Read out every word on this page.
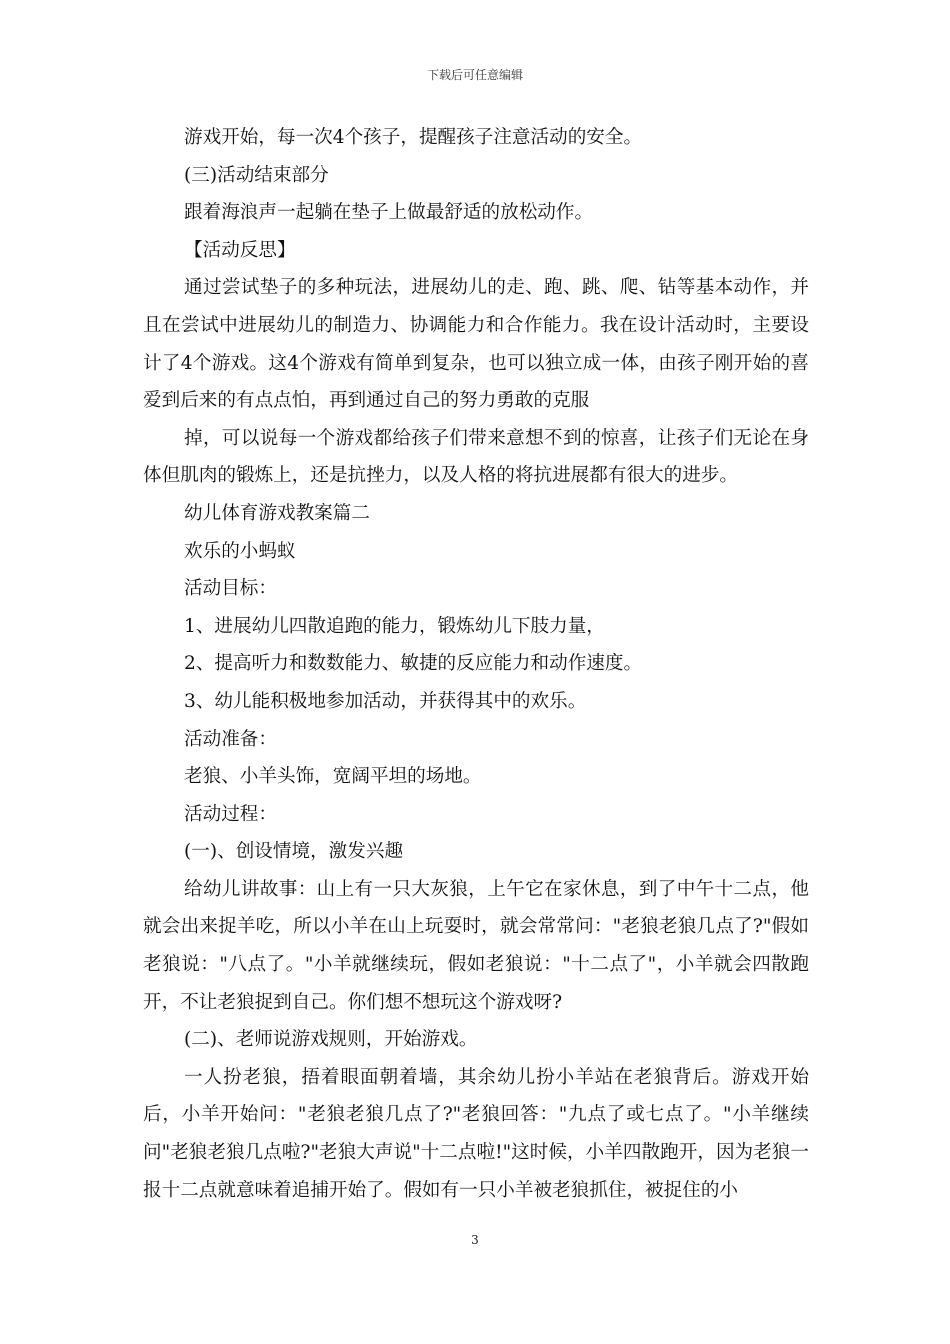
下载后可任意编辑

游戏开始，每一次4个孩子，提醒孩子注意活动的安全。

(三)活动结束部分

跟着海浪声一起躺在垫子上做最舒适的放松动作。

【活动反思】

通过尝试垫子的多种玩法，进展幼儿的走、跑、跳、爬、钻等基本动作，并且在尝试中进展幼儿的制造力、协调能力和合作能力。我在设计活动时，主要设计了4个游戏。这4个游戏有简单到复杂，也可以独立成一体，由孩子刚开始的喜爱到后来的有点点怕，再到通过自己的努力勇敢的克服

掉，可以说每一个游戏都给孩子们带来意想不到的惊喜，让孩子们无论在身体但肌肉的锻炼上，还是抗挫力，以及人格的将抗进展都有很大的进步。

幼儿体育游戏教案篇二

欢乐的小蚂蚁

活动目标：

1、进展幼儿四散追跑的能力，锻炼幼儿下肢力量，

2、提高听力和数数能力、敏捷的反应能力和动作速度。

3、幼儿能积极地参加活动，并获得其中的欢乐。

活动准备：

老狼、小羊头饰，宽阔平坦的场地。

活动过程：

(一)、创设情境，激发兴趣

给幼儿讲故事：山上有一只大灰狼，上午它在家休息，到了中午十二点，他就会出来捉羊吃，所以小羊在山上玩耍时，就会常常问："老狼老狼几点了?"假如老狼说："八点了。"小羊就继续玩，假如老狼说："十二点了"，小羊就会四散跑开，不让老狼捉到自己。你们想不想玩这个游戏呀?

(二)、老师说游戏规则，开始游戏。

一人扮老狼，捂着眼面朝着墙，其余幼儿扮小羊站在老狼背后。游戏开始后，小羊开始问："老狼老狼几点了?"老狼回答："九点了或七点了。"小羊继续问"老狼老狼几点啦?"老狼大声说"十二点啦!"这时候，小羊四散跑开，因为老狼一报十二点就意味着追捕开始了。假如有一只小羊被老狼抓住，被捉住的小

3
